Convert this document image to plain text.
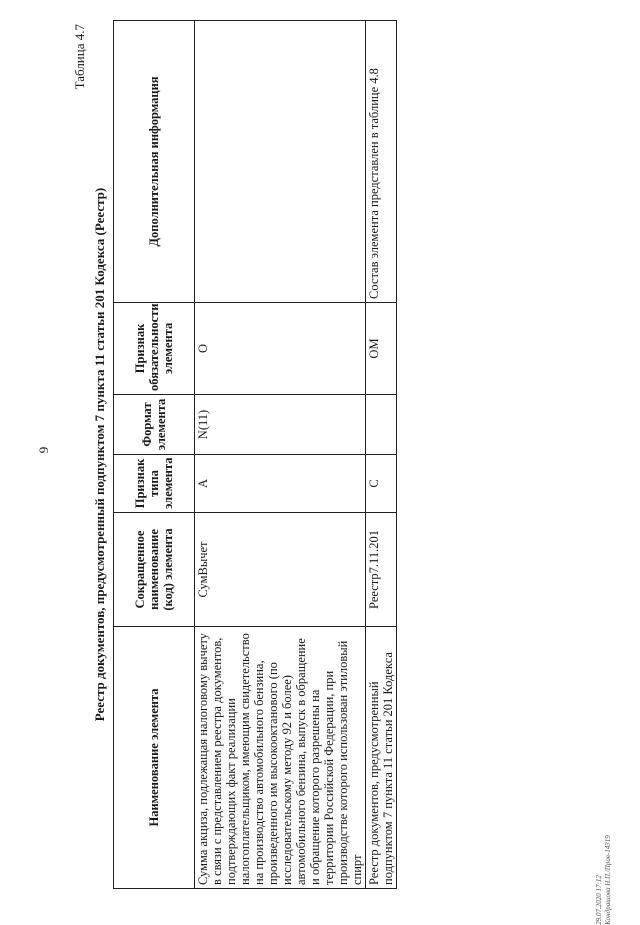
9
Таблица 4.7
Реестр документов, предусмотренный подпунктом 7 пункта 11 статьи 201 Кодекса (Реестр)
Наименование элемента	Сокращенное наименование (код) элемента	Признак типа элемента	Формат элемента	Признак обязательности элемента	Дополнительная информация
Сумма акциза, подлежащая налоговому вычету в связи с представлением реестра документов, подтверждающих факт реализации налогоплательщиком, имеющим свидетельство на производство автомобильного бензина, произведенного им высокооктанового (по исследовательскому методу 92 и более) автомобильного бензина, выпуск в обращение и обращение которого разрешены на территории Российской Федерации, при производстве которого использован этиловый спирт	СумВычет	А	N(11)	О	
Реестр документов, предусмотренный подпунктом 7 пункта 11 статьи 201 Кодекса	Реестр7.11.201	С		ОМ	Состав элемента представлен в таблице 4.8
29.07.2020 17:12 Кондрашова Н.П./Прав-14319
